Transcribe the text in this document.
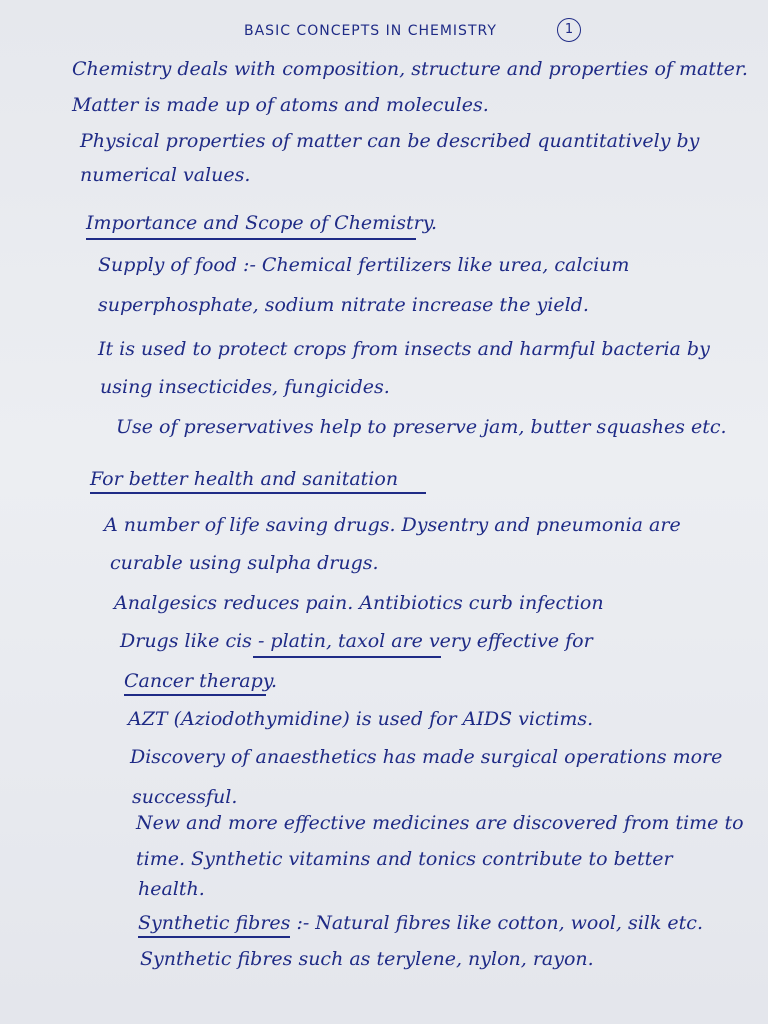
BASIC CONCEPTS IN CHEMISTRY	1
Chemistry deals with composition, structure and properties of matter.
Matter is made up of atoms and molecules.
Physical properties of matter can be described quantitatively by
numerical values.
Importance and Scope of Chemistry.
Supply of food :- Chemical fertilizers like urea, calcium
superphosphate, sodium nitrate increase the yield.
It is used to protect crops from insects and harmful bacteria by
using insecticides, fungicides.
Use of preservatives help to preserve jam, butter squashes etc.
For better health and sanitation
A number of life saving drugs. Dysentry and pneumonia are
curable using sulpha drugs.
Analgesics reduces pain. Antibiotics curb infection
Drugs like cis - platin, taxol are very effective for
Cancer therapy.
AZT (Aziodothymidine) is used for AIDS victims.
Discovery of anaesthetics has made surgical operations more
successful.
New and more effective medicines are discovered from time to
time. Synthetic vitamins and tonics contribute to better
health.
Synthetic fibres :- Natural fibres like cotton, wool, silk etc.
Synthetic fibres such as terylene, nylon, rayon.
